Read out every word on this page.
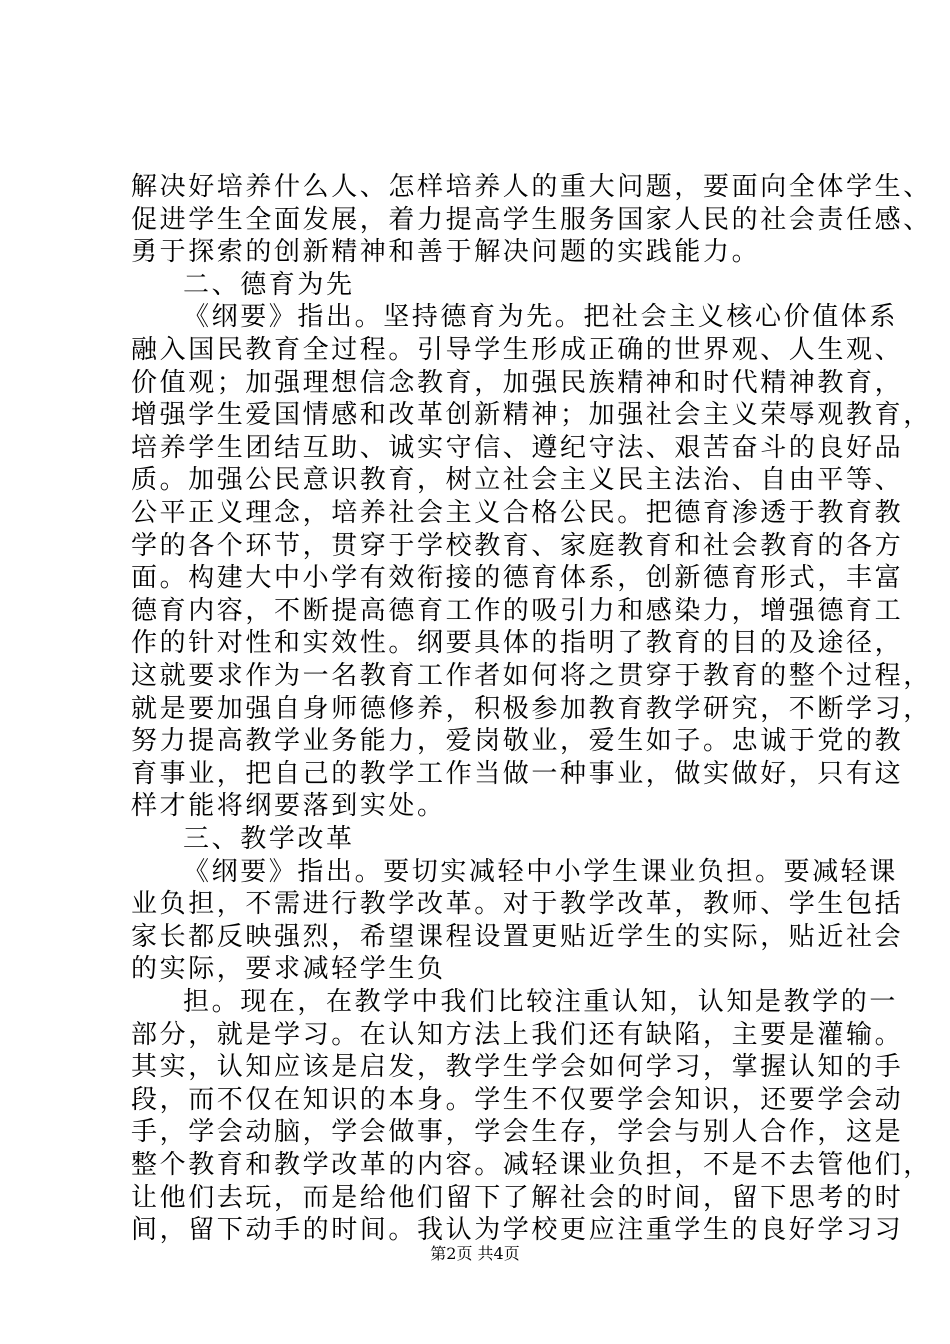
解决好培养什么人、怎样培养人的重大问题，要面向全体学生、
促进学生全面发展，着力提高学生服务国家人民的社会责任感、
勇于探索的创新精神和善于解决问题的实践能力。
二、德育为先
《纲要》指出。坚持德育为先。把社会主义核心价值体系
融入国民教育全过程。引导学生形成正确的世界观、人生观、
价值观；加强理想信念教育，加强民族精神和时代精神教育，
增强学生爱国情感和改革创新精神；加强社会主义荣辱观教育，
培养学生团结互助、诚实守信、遵纪守法、艰苦奋斗的良好品
质。加强公民意识教育，树立社会主义民主法治、自由平等、
公平正义理念，培养社会主义合格公民。把德育渗透于教育教
学的各个环节，贯穿于学校教育、家庭教育和社会教育的各方
面。构建大中小学有效衔接的德育体系，创新德育形式，丰富
德育内容，不断提高德育工作的吸引力和感染力，增强德育工
作的针对性和实效性。纲要具体的指明了教育的目的及途径，
这就要求作为一名教育工作者如何将之贯穿于教育的整个过程，
就是要加强自身师德修养，积极参加教育教学研究，不断学习，
努力提高教学业务能力，爱岗敬业，爱生如子。忠诚于党的教
育事业，把自己的教学工作当做一种事业，做实做好，只有这
样才能将纲要落到实处。
三、教学改革
《纲要》指出。要切实减轻中小学生课业负担。要减轻课
业负担，不需进行教学改革。对于教学改革，教师、学生包括
家长都反映强烈，希望课程设置更贴近学生的实际，贴近社会
的实际，要求减轻学生负
担。现在，在教学中我们比较注重认知，认知是教学的一
部分，就是学习。在认知方法上我们还有缺陷，主要是灌输。
其实，认知应该是启发，教学生学会如何学习，掌握认知的手
段，而不仅在知识的本身。学生不仅要学会知识，还要学会动
手，学会动脑，学会做事，学会生存，学会与别人合作，这是
整个教育和教学改革的内容。减轻课业负担，不是不去管他们，
让他们去玩，而是给他们留下了解社会的时间，留下思考的时
间，留下动手的时间。我认为学校更应注重学生的良好学习习
第2页 共4页
